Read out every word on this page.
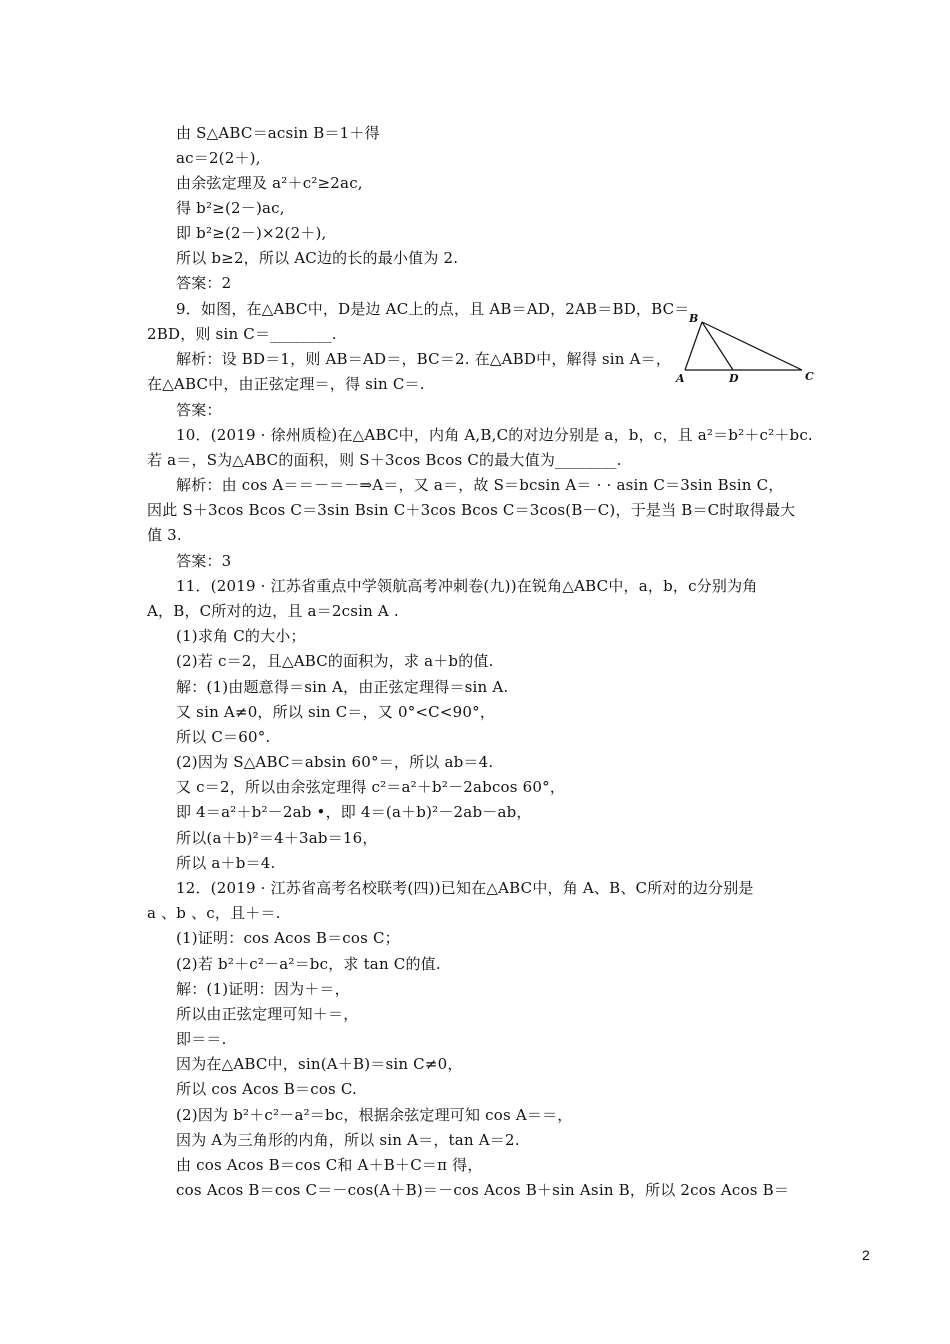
由 S△ABC＝acsin B＝1＋得
ac＝2(2＋),
由余弦定理及 a²＋c²≥2ac,
得 b²≥(2－)ac,
即 b²≥(2－)×2(2＋),
所以 b≥2，所以 AC边的长的最小值为 2.
答案：2
9．如图，在△ABC中，D是边 AC上的点，且 AB＝AD，2AB＝BD，BC＝
2BD，则 sin C＝________.
解析：设 BD＝1，则 AB＝AD＝，BC＝2. 在△ABD中，解得 sin A＝，
在△ABC中，由正弦定理＝，得 sin C＝.
答案：
10．(2019 · 徐州质检)在△ABC中，内角 A,B,C的对边分别是 a，b，c，且 a²＝b²＋c²＋bc.
若 a＝，S为△ABC的面积，则 S＋3cos Bcos C的最大值为________.
解析：由 cos A＝＝－＝－⇒A＝，又 a＝，故 S＝bcsin A＝ · · asin C＝3sin Bsin C，
因此 S＋3cos Bcos C＝3sin Bsin C＋3cos Bcos C＝3cos(B－C)，于是当 B＝C时取得最大
值 3.
答案：3
11．(2019 · 江苏省重点中学领航高考冲刺卷(九))在锐角△ABC中，a，b，c分别为角
A，B，C所对的边，且 a＝2csin A .
(1)求角 C的大小；
(2)若 c＝2，且△ABC的面积为，求 a＋b的值.
解：(1)由题意得＝sin A，由正弦定理得＝sin A.
又 sin A≠0，所以 sin C＝，又 0°<C<90°，
所以 C＝60°.
(2)因为 S△ABC＝absin 60°＝，所以 ab＝4.
又 c＝2，所以由余弦定理得 c²＝a²＋b²－2abcos 60°，
即 4＝a²＋b²－2ab •，即 4＝(a＋b)²－2ab－ab，
所以(a＋b)²＝4＋3ab＝16，
所以 a＋b＝4.
12．(2019 · 江苏省高考名校联考(四))已知在△ABC中，角 A、B、C所对的边分别是
a 、b 、c，且＋＝.
(1)证明：cos Acos B＝cos C；
(2)若 b²＋c²－a²＝bc，求 tan C的值.
解：(1)证明：因为＋＝，
所以由正弦定理可知＋＝，
即＝＝.
因为在△ABC中，sin(A＋B)＝sin C≠0，
所以 cos Acos B＝cos C.
(2)因为 b²＋c²－a²＝bc，根据余弦定理可知 cos A＝＝，
因为 A为三角形的内角，所以 sin A＝，tan A＝2.
由 cos Acos B＝cos C和 A＋B＋C＝π 得，
cos Acos B＝cos C＝－cos(A＋B)＝－cos Acos B＋sin Asin B，所以 2cos Acos B＝
B
A	D	C
2
